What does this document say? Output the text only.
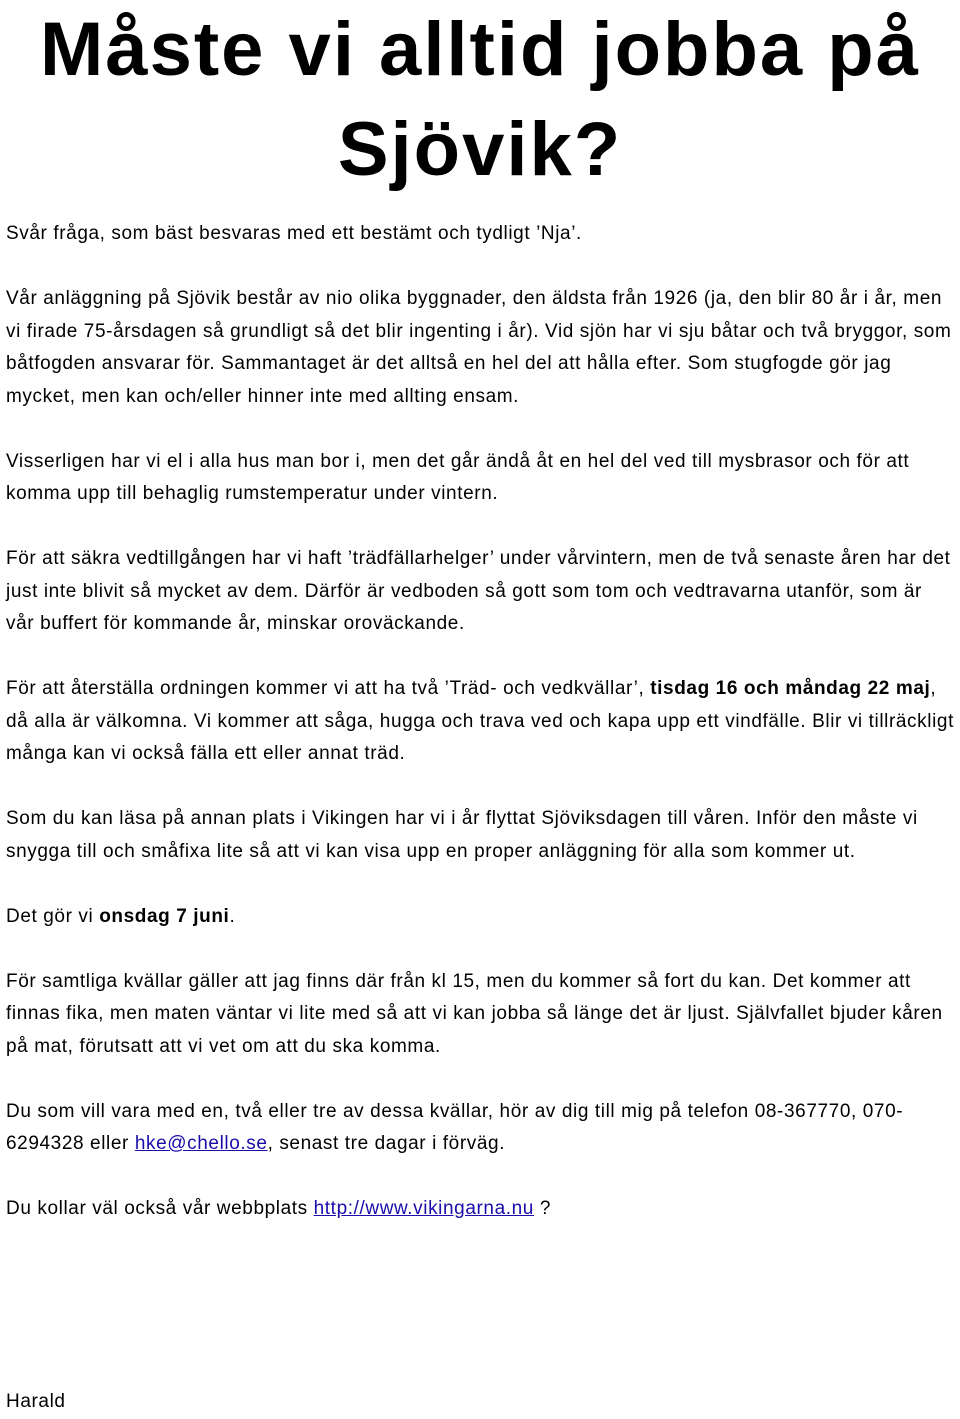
Måste vi alltid jobba på
Sjövik?

Svår fråga, som bäst besvaras med ett bestämt och tydligt ’Nja’.

Vår anläggning på Sjövik består av nio olika byggnader, den äldsta från 1926 (ja, den blir 80 år i år, men vi firade 75-årsdagen så grundligt så det blir ingenting i år). Vid sjön har vi sju båtar och två bryggor, som båtfogden ansvarar för. Sammantaget är det alltså en hel del att hålla efter. Som stugfogde gör jag mycket, men kan och/eller hinner inte med allting ensam.

Visserligen har vi el i alla hus man bor i, men det går ändå åt en hel del ved till mysbrasor och för att komma upp till behaglig rumstemperatur under vintern.

För att säkra vedtillgången har vi haft ’trädfällarhelger’ under vårvintern, men de två senaste åren har det just inte blivit så mycket av dem. Därför är vedboden så gott som tom och vedtravarna utanför, som är vår buffert för kommande år, minskar oroväckande.

För att återställa ordningen kommer vi att ha två ’Träd- och vedkvällar’, tisdag 16 och måndag 22 maj, då alla är välkomna. Vi kommer att såga, hugga och trava ved och kapa upp ett vindfälle. Blir vi tillräckligt många kan vi också fälla ett eller annat träd.

Som du kan läsa på annan plats i Vikingen har vi i år flyttat Sjöviksdagen till våren. Inför den måste vi snygga till och småfixa lite så att vi kan visa upp en proper anläggning för alla som kommer ut.

Det gör vi onsdag 7 juni.

För samtliga kvällar gäller att jag finns där från kl 15, men du kommer så fort du kan. Det kommer att finnas fika, men maten väntar vi lite med så att vi kan jobba så länge det är ljust. Självfallet bjuder kåren på mat, förutsatt att vi vet om att du ska komma.

Du som vill vara med en, två eller tre av dessa kvällar, hör av dig till mig på telefon 08-367770, 070-6294328 eller hke@chello.se, senast tre dagar i förväg.

Du kollar väl också vår webbplats http://www.vikingarna.nu ?

Harald
